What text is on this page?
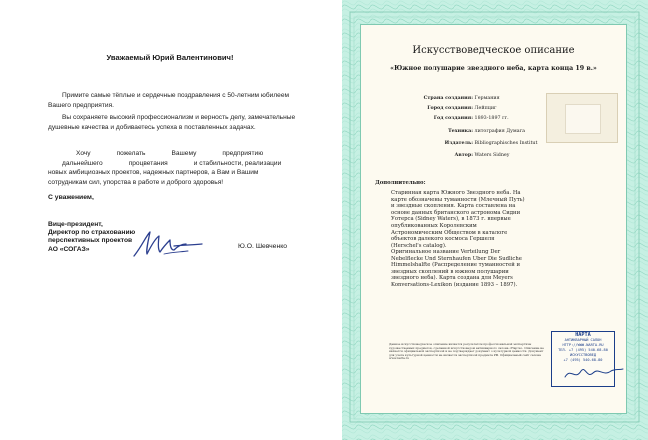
Уважаемый Юрий Валентинович!
Примите самые тёплые и сердечные поздравления с 50-летним юбилеем Вашего предприятия.
Вы сохраняете высокий профессионализм и верность делу, замечательные душевные качества и добиваетесь успеха в поставленных задачах.
Хочу	пожелать	Вашему	предприятиюдальнейшего	процветания	и стабильности, реализации новых амбициозных проектов, надежных партнеров, а Вам и Вашим сотрудникам сил, упорства в работе и доброго здоровья!
С уважением,
Вице-президент,
Директор по страхованию перспективных проектов
АО «СОГАЗ»	Ю.О. Шевченко
Искусствоведческое описание
«Южное полушарие звездного неба, карта конца 19 в.»
Страна создания: Германия
Город создания: Лейпциг
Год создания: 1893-1897 гг.
Техника: литография Думага
Издатель: Bibliographisches Institut
Автор: Waters Sidney
Дополнительно:
Старинная карта Южного Звездного неба. На карте обозначены туманности (Млечный Путь) и звездные скопления. Карта составлена на основе данных британского астронома Сидни Уотерса (Sidney Waters), в 1873 г. впервые опубликованных Королевским Астрономическим Обществом в каталоге объектов далекого космоса Гершеля (Herschel's catalog).
Оригинальное название Verteilung Der Nebelflecke Und Sternhaufen Uber Die Sudliche Himmelshalfte (Распределение туманностей и звездных скоплений в южном полушарии звездного неба). Карта создана для Meyers Konversations-Lexikon (издание 1893 – 1897).
Данное искусствоведческое описание является результатом профессиональной экспертизы художественных предметов, сделанной искусствоведом антикварного салона «Нарта». Описание не является официальной экспертизой и не подтверждает документ о культурной ценности. Документ для учета культурной ценности не является экспертизой предмета РФ. Официальный сайт салона www.narta.ru
НАРТА
АНТИКВАРНЫЙ САЛОН
HTTP://WWW.NARTA.RU
ТЕЛ. +7 (495) 540-68-80
ИСКУССТВОВЕД
+7 (495) 540-68-80
